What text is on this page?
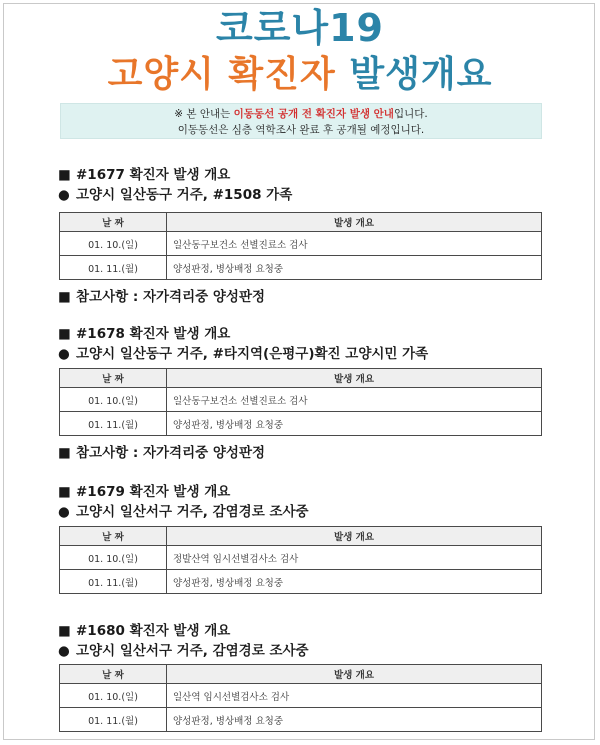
코로나19
고양시 확진자 발생개요
※ 본 안내는 이동동선 공개 전 확진자 발생 안내입니다.
이동동선은 심층 역학조사 완료 후 공개될 예정입니다.
■ #1677 확진자 발생 개요
● 고양시 일산동구 거주, #1508 가족
날 짜	발생 개요
01. 10.(일)	일산동구보건소 선별진료소 검사
01. 11.(월)	양성판정, 병상배정 요청중
■ 참고사항 : 자가격리중 양성판정
■ #1678 확진자 발생 개요
● 고양시 일산동구 거주, #타지역(은평구)확진 고양시민 가족
날 짜	발생 개요
01. 10.(일)	일산동구보건소 선별진료소 검사
01. 11.(월)	양성판정, 병상배정 요청중
■ 참고사항 : 자가격리중 양성판정
■ #1679 확진자 발생 개요
● 고양시 일산서구 거주, 감염경로 조사중
날 짜	발생 개요
01. 10.(일)	정발산역 임시선별검사소 검사
01. 11.(월)	양성판정, 병상배정 요청중
■ #1680 확진자 발생 개요
● 고양시 일산서구 거주, 감염경로 조사중
날 짜	발생 개요
01. 10.(일)	일산역 임시선별검사소 검사
01. 11.(월)	양성판정, 병상배정 요청중
